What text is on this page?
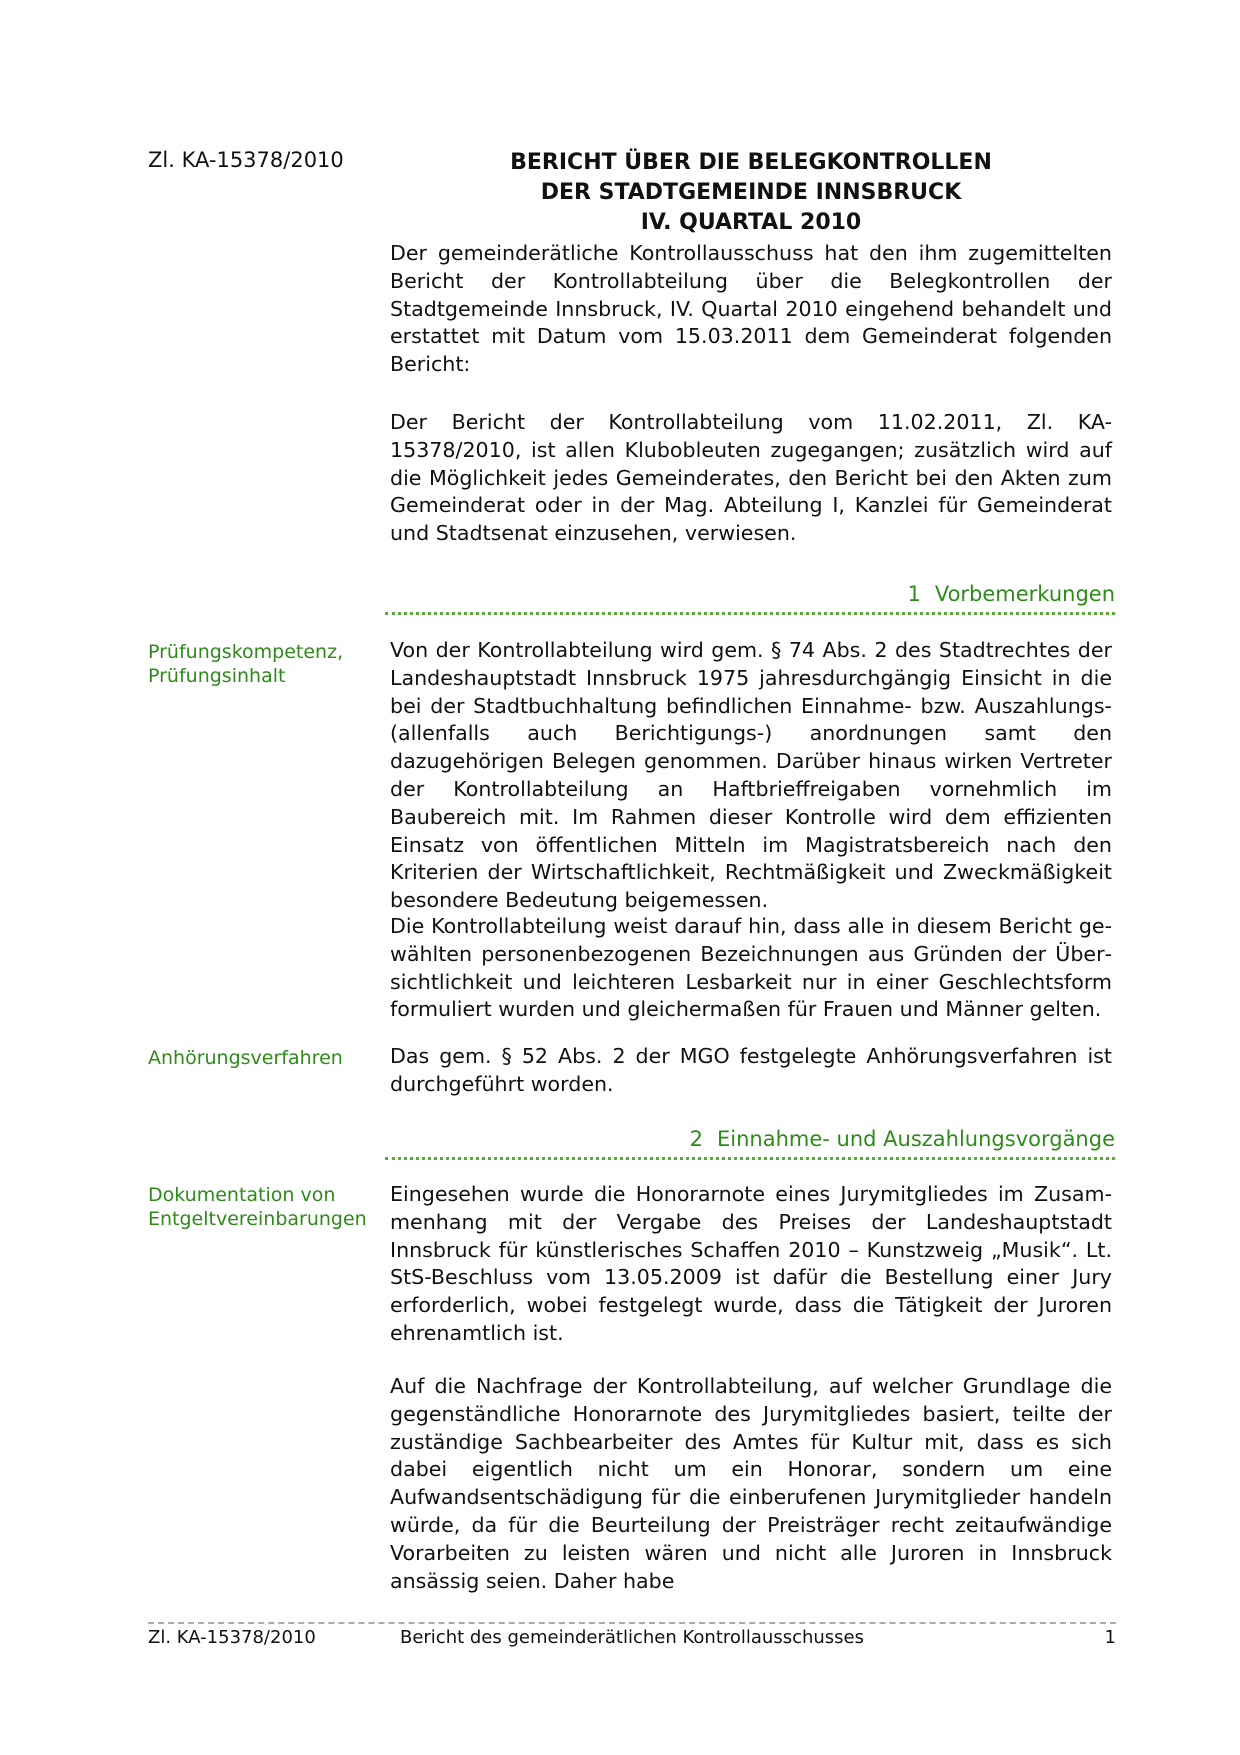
Zl. KA-15378/2010	BERICHT ÜBER DIE BELEGKONTROLLEN
DER STADTGEMEINDE INNSBRUCK
IV. QUARTAL 2010

Der gemeinderätliche Kontrollausschuss hat den ihm zugemittelten Bericht der Kontrollabteilung über die Belegkontrollen der Stadtgemeinde Innsbruck, IV. Quartal 2010 eingehend behandelt und erstattet mit Datum vom 15.03.2011 dem Gemeinderat folgenden Bericht:

Der Bericht der Kontrollabteilung vom 11.02.2011, Zl. KA-15378/2010, ist allen Klubobleuten zugegangen; zusätzlich wird auf die Möglichkeit jedes Gemeinderates, den Bericht bei den Akten zum Gemeinderat oder in der Mag. Abteilung I, Kanzlei für Gemeinderat und Stadtsenat einzusehen, verwiesen.

1 Vorbemerkungen
Prüfungskompetenz,
Prüfungsinhalt

Von der Kontrollabteilung wird gem. § 74 Abs. 2 des Stadtrechtes der Landeshauptstadt Innsbruck 1975 jahresdurchgängig Einsicht in die bei der Stadtbuchhaltung befindlichen Einnahme- bzw. Auszahlungs- (allenfalls auch Berichtigungs-) anordnungen samt den dazugehörigen Belegen genommen. Darüber hinaus wirken Vertreter der Kontrollabteilung an Haftbrieffreigaben vornehmlich im Baubereich mit. Im Rahmen dieser Kontrolle wird dem effizienten Einsatz von öffentlichen Mitteln im Magistratsbereich nach den Kriterien der Wirtschaftlichkeit, Rechtmäßigkeit und Zweckmäßigkeit besondere Bedeutung beigemessen.

Die Kontrollabteilung weist darauf hin, dass alle in diesem Bericht gewählten personenbezogenen Bezeichnungen aus Gründen der Übersichtlichkeit und leichteren Lesbarkeit nur in einer Geschlechtsform formuliert wurden und gleichermaßen für Frauen und Männer gelten.

Anhörungsverfahren	Das gem. § 52 Abs. 2 der MGO festgelegte Anhörungsverfahren ist durchgeführt worden.

2 Einnahme- und Auszahlungsvorgänge
Dokumentation von
Entgeltvereinbarungen

Eingesehen wurde die Honorarnote eines Jurymitgliedes im Zusammenhang mit der Vergabe des Preises der Landeshauptstadt Innsbruck für künstlerisches Schaffen 2010 – Kunstzweig „Musik“. Lt. StS-Beschluss vom 13.05.2009 ist dafür die Bestellung einer Jury erforderlich, wobei festgelegt wurde, dass die Tätigkeit der Juroren ehrenamtlich ist.

Auf die Nachfrage der Kontrollabteilung, auf welcher Grundlage die gegenständliche Honorarnote des Jurymitgliedes basiert, teilte der zuständige Sachbearbeiter des Amtes für Kultur mit, dass es sich dabei eigentlich nicht um ein Honorar, sondern um eine Aufwandsentschädigung für die einberufenen Jurymitglieder handeln würde, da für die Beurteilung der Preisträger recht zeitaufwändige Vorarbeiten zu leisten wären und nicht alle Juroren in Innsbruck ansässig seien. Daher habe

Zl. KA-15378/2010	Bericht des gemeinderätlichen Kontrollausschusses	1
